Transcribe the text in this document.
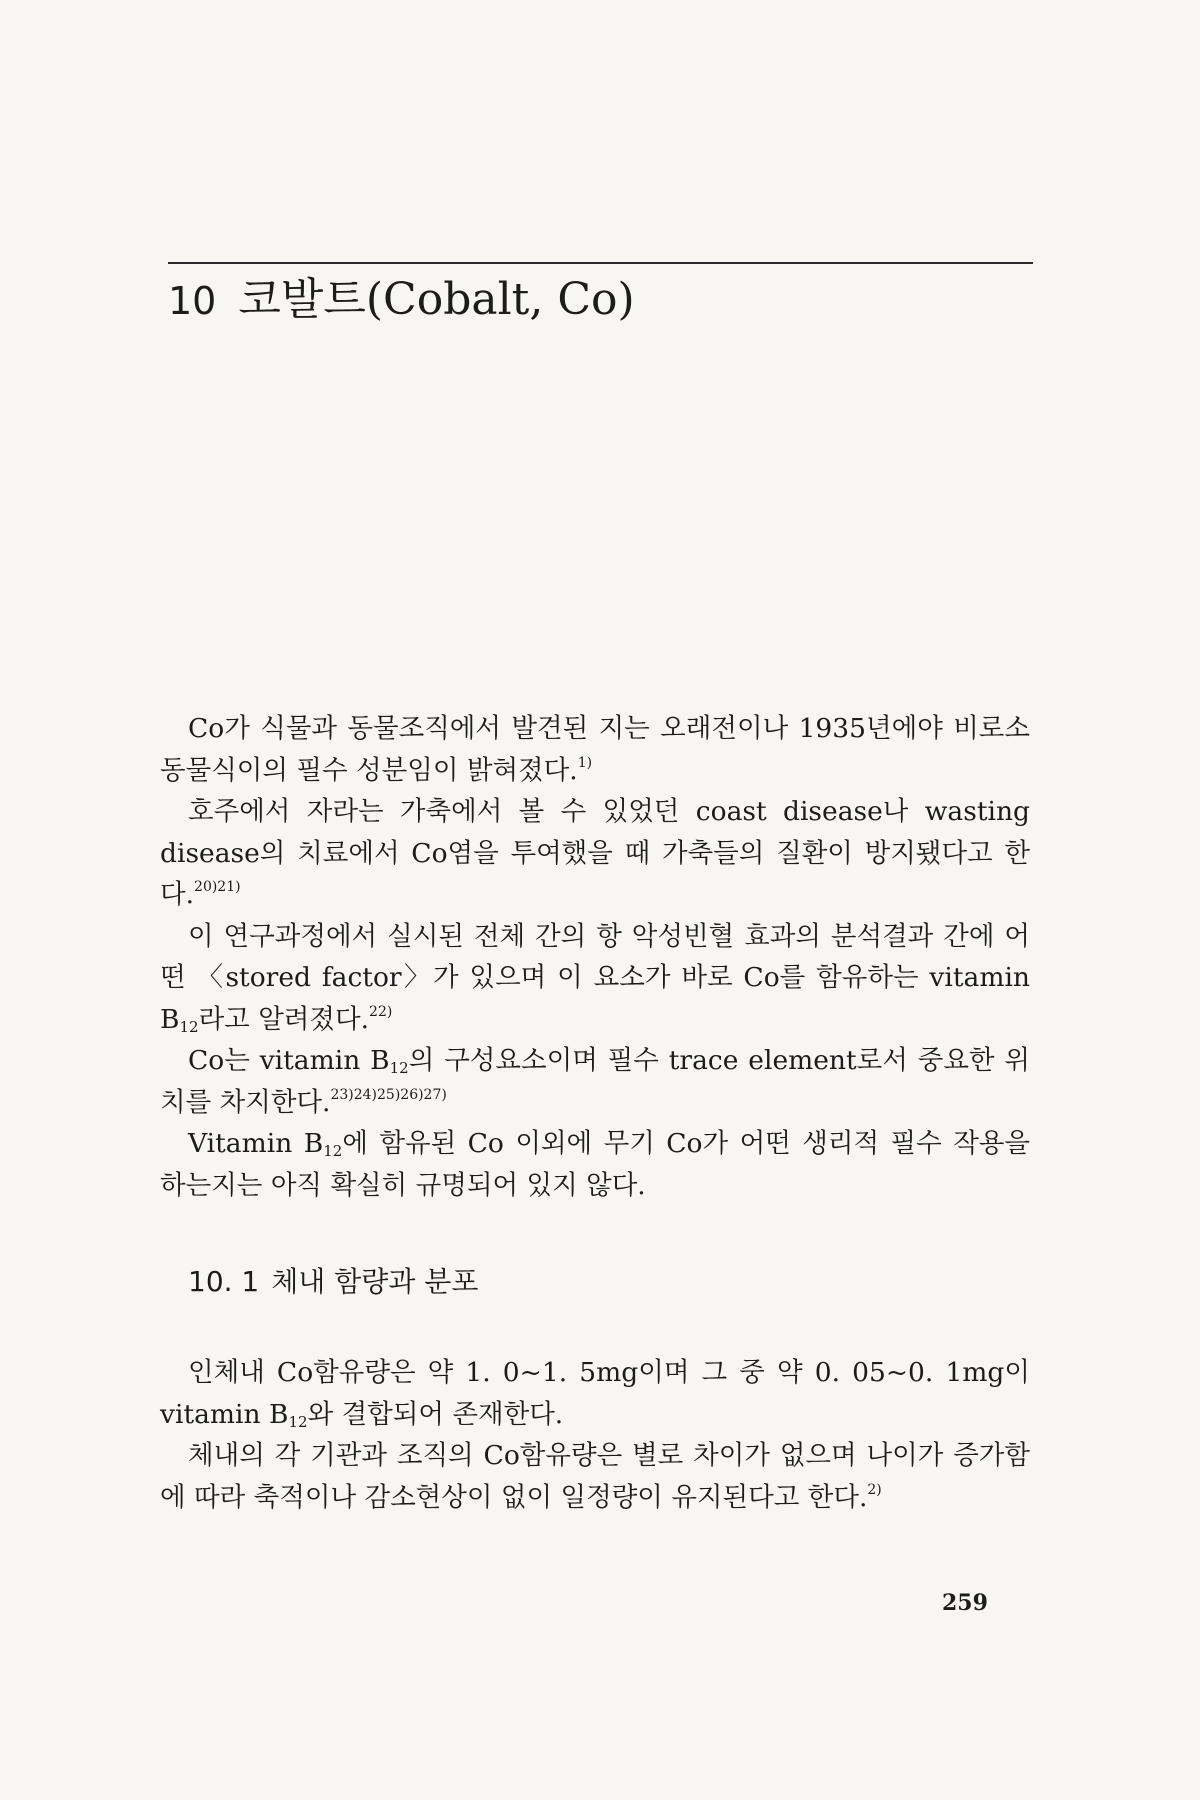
10 코발트(Cobalt, Co)

Co가 식물과 동물조직에서 발견된 지는 오래전이나 1935년에야 비로소 동물식이의 필수 성분임이 밝혀졌다.$^{1)}$

호주에서 자라는 가축에서 볼 수 있었던 coast disease나 wasting disease의 치료에서 Co염을 투여했을 때 가축들의 질환이 방지됐다고 한다.$^{20)21)}$

이 연구과정에서 실시된 전체 간의 항 악성빈혈 효과의 분석결과 간에 어떤 〈stored factor〉가 있으며 이 요소가 바로 Co를 함유하는 vitamin $B_{12}$라고 알려졌다.$^{22)}$

Co는 vitamin $B_{12}$의 구성요소이며 필수 trace element로서 중요한 위치를 차지한다.$^{23)24)25)26)27)}$

Vitamin $B_{12}$에 함유된 Co 이외에 무기 Co가 어떤 생리적 필수 작용을 하는지는 아직 확실히 규명되어 있지 않다.

10. 1 체내 함량과 분포

인체내 Co함유량은 약 1. 0~1. 5mg이며 그 중 약 0. 05~0. 1mg이 vitamin $B_{12}$와 결합되어 존재한다.

체내의 각 기관과 조직의 Co함유량은 별로 차이가 없으며 나이가 증가함에 따라 축적이나 감소현상이 없이 일정량이 유지된다고 한다.$^{2)}$

259
